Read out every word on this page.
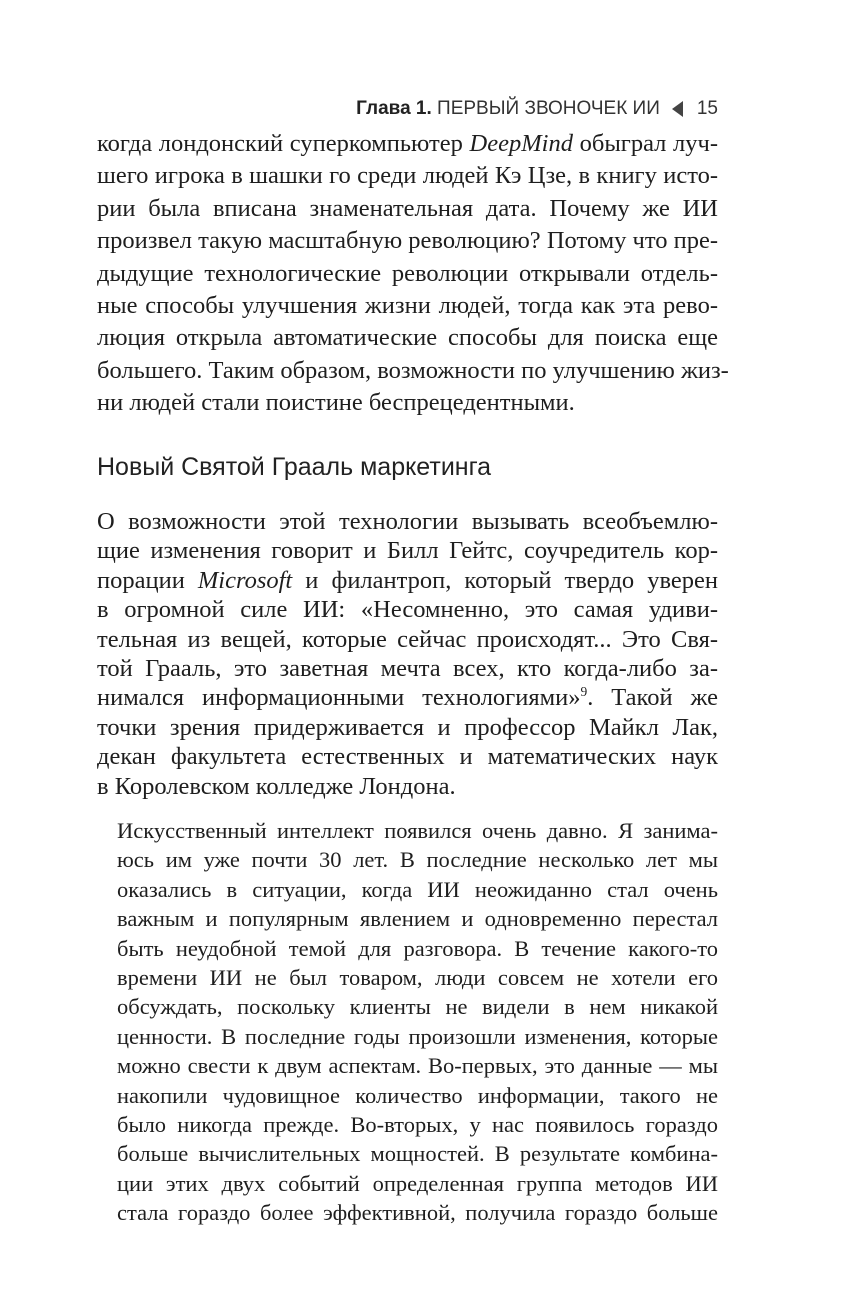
Глава 1.
ПЕРВЫЙ ЗВОНОЧЕК ИИ 15
когда лондонский суперкомпьютер DeepMind обыграл луч-
шего игрока в шашки го среди людей Кэ Цзе, в книгу исто-
рии была вписана знаменательная дата. Почему же ИИ
произвел такую масштабную революцию? Потому что пре-
дыдущие технологические революции открывали отдель-
ные способы улучшения жизни людей, тогда как эта рево-
люция открыла автоматические способы для поиска еще
большего. Таким образом, возможности по улучшению жиз-
ни людей стали поистине беспрецедентными.
Новый Святой Грааль маркетинга
О возможности этой технологии вызывать всеобъемлю-
щие изменения говорит и Билл Гейтс, соучредитель кор-
порации Microsoft и филантроп, который твердо уверен
в огромной силе ИИ: «Несомненно, это самая удиви-
тельная из вещей, которые сейчас происходят... Это Свя-
той Грааль, это заветная мечта всех, кто когда-либо за-
нимался информационными технологиями»$^9$. Такой же
точки зрения придерживается и профессор Майкл Лак,
декан факультета естественных и математических наук
в Королевском колледже Лондона.
Искусственный интеллект появился очень давно. Я занима-
юсь им уже почти 30 лет. В последние несколько лет мы
оказались в ситуации, когда ИИ неожиданно стал очень
важным и популярным явлением и одновременно перестал
быть неудобной темой для разговора. В течение какого-то
времени ИИ не был товаром, люди совсем не хотели его
обсуждать, поскольку клиенты не видели в нем никакой
ценности. В последние годы произошли изменения, которые
можно свести к двум аспектам. Во-первых, это данные — мы
накопили чудовищное количество информации, такого не
было никогда прежде. Во-вторых, у нас появилось гораздо
больше вычислительных мощностей. В результате комбина-
ции этих двух событий определенная группа методов ИИ
стала гораздо более эффективной, получила гораздо больше
